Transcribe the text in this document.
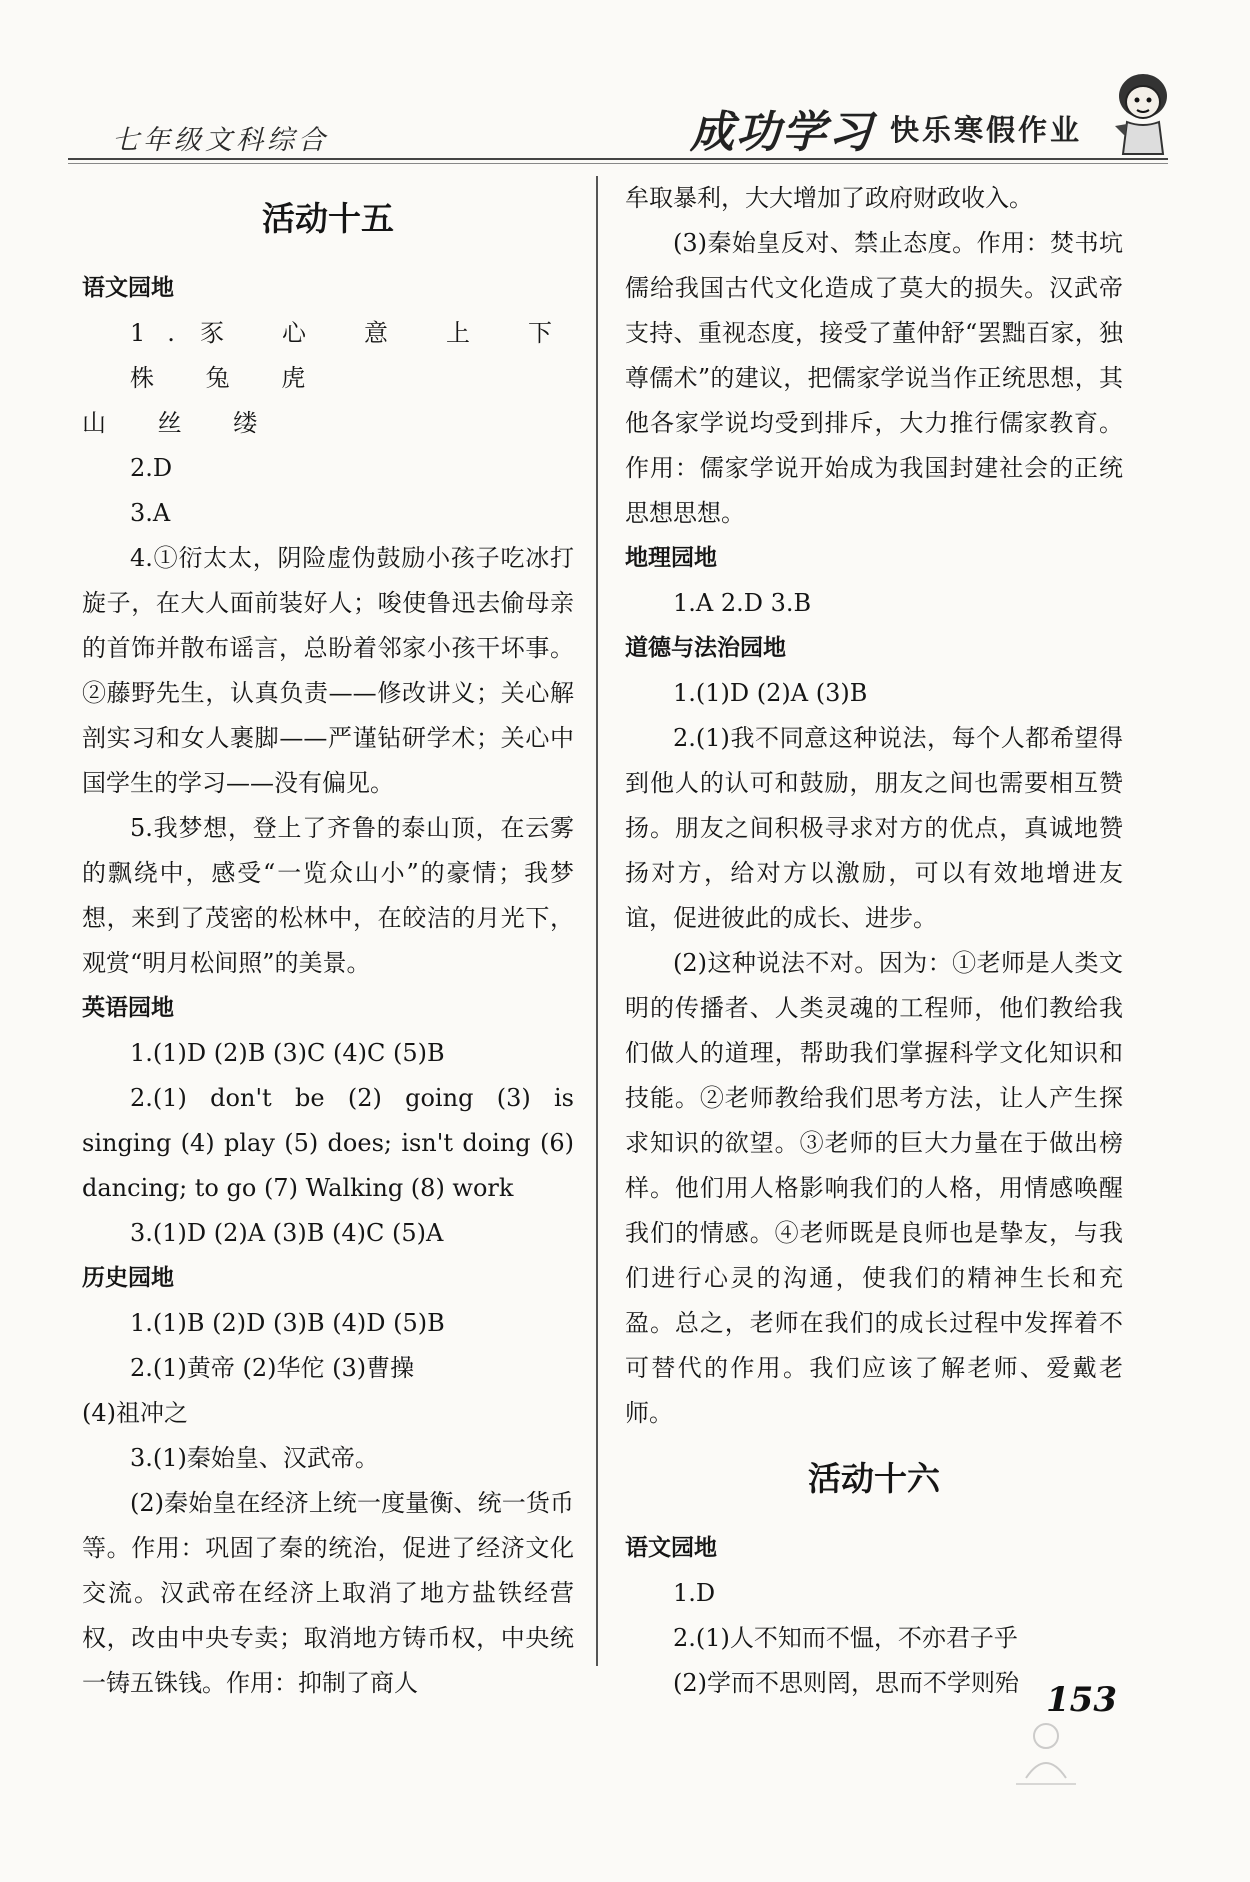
七年级文科综合	成功学习 快乐寒假作业

活动十五

语文园地

1.豕 心 意 上 下 株 兔 虎

山 丝 缕

2.D

3.A

4.①衍太太，阴险虚伪鼓励小孩子吃冰打旋子，在大人面前装好人；唆使鲁迅去偷母亲的首饰并散布谣言，总盼着邻家小孩干坏事。②藤野先生，认真负责——修改讲义；关心解剖实习和女人裹脚——严谨钻研学术；关心中国学生的学习——没有偏见。

5.我梦想，登上了齐鲁的泰山顶，在云雾的飘绕中，感受“一览众山小”的豪情；我梦想，来到了茂密的松林中，在皎洁的月光下，观赏“明月松间照”的美景。

英语园地

1.(1)D (2)B (3)C (4)C (5)B

2.(1) don't be (2) going (3) is singing (4) play (5) does; isn't doing (6) dancing; to go (7) Walking (8) work

3.(1)D (2)A (3)B (4)C (5)A

历史园地

1.(1)B (2)D (3)B (4)D (5)B

2.(1)黄帝 (2)华佗 (3)曹操

(4)祖冲之

3.(1)秦始皇、汉武帝。

(2)秦始皇在经济上统一度量衡、统一货币等。作用：巩固了秦的统治，促进了经济文化交流。汉武帝在经济上取消了地方盐铁经营权，改由中央专卖；取消地方铸币权，中央统一铸五铢钱。作用：抑制了商人

牟取暴利，大大增加了政府财政收入。

(3)秦始皇反对、禁止态度。作用：焚书坑儒给我国古代文化造成了莫大的损失。汉武帝支持、重视态度，接受了董仲舒“罢黜百家，独尊儒术”的建议，把儒家学说当作正统思想，其他各家学说均受到排斥，大力推行儒家教育。作用：儒家学说开始成为我国封建社会的正统思想思想。

地理园地

1.A 2.D 3.B

道德与法治园地

1.(1)D (2)A (3)B

2.(1)我不同意这种说法，每个人都希望得到他人的认可和鼓励，朋友之间也需要相互赞扬。朋友之间积极寻求对方的优点，真诚地赞扬对方，给对方以激励，可以有效地增进友谊，促进彼此的成长、进步。

(2)这种说法不对。因为：①老师是人类文明的传播者、人类灵魂的工程师，他们教给我们做人的道理，帮助我们掌握科学文化知识和技能。②老师教给我们思考方法，让人产生探求知识的欲望。③老师的巨大力量在于做出榜样。他们用人格影响我们的人格，用情感唤醒我们的情感。④老师既是良师也是挚友，与我们进行心灵的沟通，使我们的精神生长和充盈。总之，老师在我们的成长过程中发挥着不可替代的作用。我们应该了解老师、爱戴老师。

活动十六

语文园地

1.D

2.(1)人不知而不愠，不亦君子乎

(2)学而不思则罔，思而不学则殆 153
